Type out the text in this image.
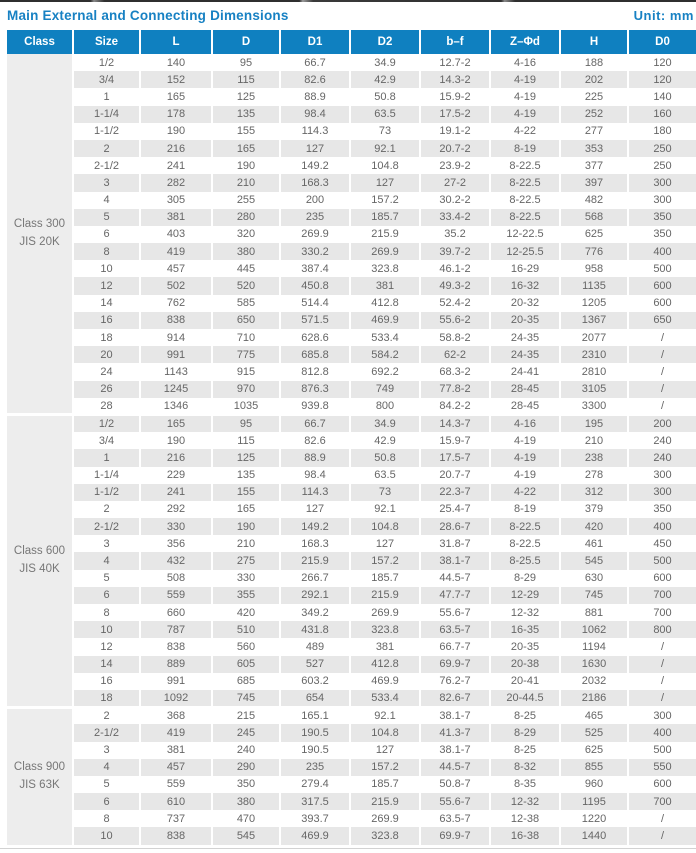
Main External and Connecting Dimensions	Unit: mm
Class	Size	L	D	D1	D2	b–f	Z–Φd	H	D0

Class 300
JIS 20K	1/2	140	95	66.7	34.9	12.7-2	4-16	188	120
	3/4	152	115	82.6	42.9	14.3-2	4-19	202	120
	1	165	125	88.9	50.8	15.9-2	4-19	225	140
	1-1/4	178	135	98.4	63.5	17.5-2	4-19	252	160
	1-1/2	190	155	114.3	73	19.1-2	4-22	277	180
	2	216	165	127	92.1	20.7-2	8-19	353	250
	2-1/2	241	190	149.2	104.8	23.9-2	8-22.5	377	250
	3	282	210	168.3	127	27-2	8-22.5	397	300
	4	305	255	200	157.2	30.2-2	8-22.5	482	300
	5	381	280	235	185.7	33.4-2	8-22.5	568	350
	6	403	320	269.9	215.9	35.2	12-22.5	625	350
	8	419	380	330.2	269.9	39.7-2	12-25.5	776	400
	10	457	445	387.4	323.8	46.1-2	16-29	958	500
	12	502	520	450.8	381	49.3-2	16-32	1135	600
	14	762	585	514.4	412.8	52.4-2	20-32	1205	600
	16	838	650	571.5	469.9	55.6-2	20-35	1367	650
	18	914	710	628.6	533.4	58.8-2	24-35	2077	/
	20	991	775	685.8	584.2	62-2	24-35	2310	/
	24	1143	915	812.8	692.2	68.3-2	24-41	2810	/
	26	1245	970	876.3	749	77.8-2	28-45	3105	/
	28	1346	1035	939.8	800	84.2-2	28-45	3300	/

Class 600
JIS 40K	1/2	165	95	66.7	34.9	14.3-7	4-16	195	200
	3/4	190	115	82.6	42.9	15.9-7	4-19	210	240
	1	216	125	88.9	50.8	17.5-7	4-19	238	240
	1-1/4	229	135	98.4	63.5	20.7-7	4-19	278	300
	1-1/2	241	155	114.3	73	22.3-7	4-22	312	300
	2	292	165	127	92.1	25.4-7	8-19	379	350
	2-1/2	330	190	149.2	104.8	28.6-7	8-22.5	420	400
	3	356	210	168.3	127	31.8-7	8-22.5	461	450
	4	432	275	215.9	157.2	38.1-7	8-25.5	545	500
	5	508	330	266.7	185.7	44.5-7	8-29	630	600
	6	559	355	292.1	215.9	47.7-7	12-29	745	700
	8	660	420	349.2	269.9	55.6-7	12-32	881	700
	10	787	510	431.8	323.8	63.5-7	16-35	1062	800
	12	838	560	489	381	66.7-7	20-35	1194	/
	14	889	605	527	412.8	69.9-7	20-38	1630	/
	16	991	685	603.2	469.9	76.2-7	20-41	2032	/
	18	1092	745	654	533.4	82.6-7	20-44.5	2186	/

Class 900
JIS 63K	2	368	215	165.1	92.1	38.1-7	8-25	465	300
	2-1/2	419	245	190.5	104.8	41.3-7	8-29	525	400
	3	381	240	190.5	127	38.1-7	8-25	625	500
	4	457	290	235	157.2	44.5-7	8-32	855	550
	5	559	350	279.4	185.7	50.8-7	8-35	960	600
	6	610	380	317.5	215.9	55.6-7	12-32	1195	700
	8	737	470	393.7	269.9	63.5-7	12-38	1220	/
	10	838	545	469.9	323.8	69.9-7	16-38	1440	/
